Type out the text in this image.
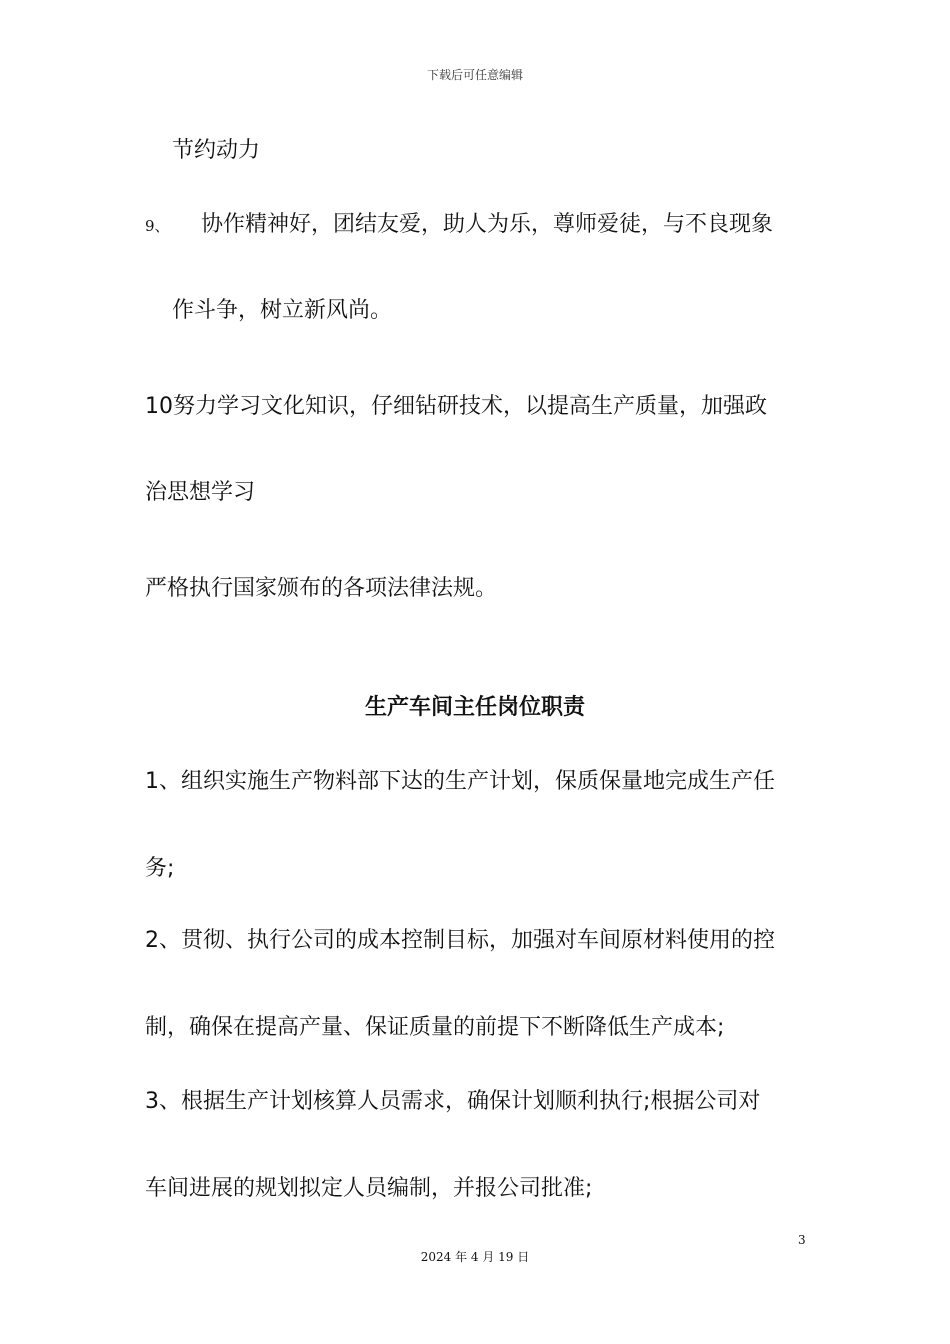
下载后可任意编辑
节约动力
9、 协作精神好，团结友爱，助人为乐，尊师爱徒，与不良现象
作斗争，树立新风尚。
10努力学习文化知识，仔细钻研技术，以提高生产质量，加强政
治思想学习
严格执行国家颁布的各项法律法规。
生产车间主任岗位职责
1、组织实施生产物料部下达的生产计划，保质保量地完成生产任
务;
2、贯彻、执行公司的成本控制目标，加强对车间原材料使用的控
制，确保在提高产量、保证质量的前提下不断降低生产成本;
3、根据生产计划核算人员需求，确保计划顺利执行;根据公司对
车间进展的规划拟定人员编制，并报公司批准;
3
2024 年 4 月 19 日
